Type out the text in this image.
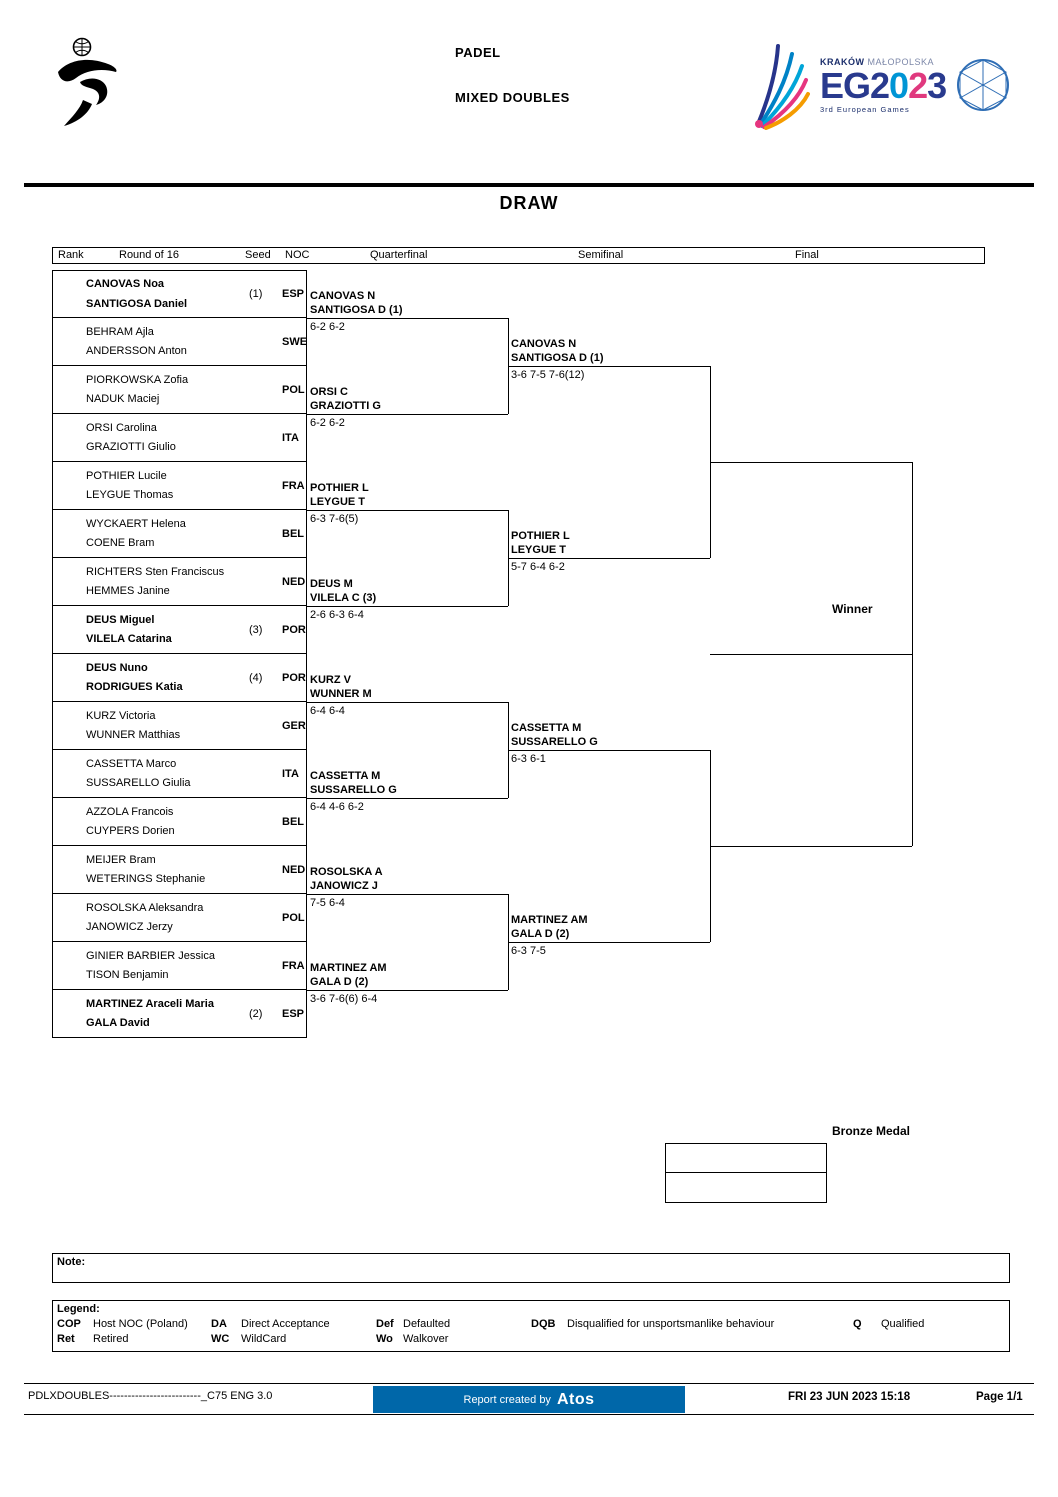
PADEL
MIXED DOUBLES
KRAKÓW MAŁOPOLSKA
EG2023
3rd European Games
DRAW
Rank	Round of 16	Seed NOC	Quarterfinal	Semifinal	Final
CANOVAS Noa
SANTIGOSA Daniel
(1) ESP
BEHRAM Ajla
ANDERSSON Anton
SWE
PIORKOWSKA Zofia
NADUK Maciej
POL
ORSI Carolina
GRAZIOTTI Giulio
ITA
POTHIER Lucile
LEYGUE Thomas
FRA
WYCKAERT Helena
COENE Bram
BEL
RICHTERS Sten Franciscus
HEMMES Janine
NED
DEUS Miguel
VILELA Catarina
(3) POR
DEUS Nuno
RODRIGUES Katia
(4) POR
KURZ Victoria
WUNNER Matthias
GER
CASSETTA Marco
SUSSARELLO Giulia
ITA
AZZOLA Francois
CUYPERS Dorien
BEL
MEIJER Bram
WETERINGS Stephanie
NED
ROSOLSKA Aleksandra
JANOWICZ Jerzy
POL
GINIER BARBIER Jessica
TISON Benjamin
FRA
MARTINEZ Araceli Maria
GALA David
(2) ESP
CANOVAS N
SANTIGOSA D (1)
6-2 6-2
ORSI C
GRAZIOTTI G
6-2 6-2
POTHIER L
LEYGUE T
6-3 7-6(5)
DEUS M
VILELA C (3)
2-6 6-3 6-4
KURZ V
WUNNER M
6-4 6-4
CASSETTA M
SUSSARELLO G
6-4 4-6 6-2
ROSOLSKA A
JANOWICZ J
7-5 6-4
MARTINEZ AM
GALA D (2)
3-6 7-6(6) 6-4
CANOVAS N
SANTIGOSA D (1)
3-6 7-5 7-6(12)
POTHIER L
LEYGUE T
5-7 6-4 6-2
CASSETTA M
SUSSARELLO G
6-3 6-1
MARTINEZ AM
GALA D (2)
6-3 7-5
Winner
Bronze Medal
Note:
Legend:
COP Host NOC (Poland) DA Direct Acceptance	Def Defaulted	DQB Disqualified for unsportsmanlike behaviour	Q Qualified
Ret Retired	WC WildCard	Wo Walkover
PDLXDOUBLES-------------------------_C75 ENG 3.0	Report created by Atos	FRI 23 JUN 2023 15:18	Page 1/1
